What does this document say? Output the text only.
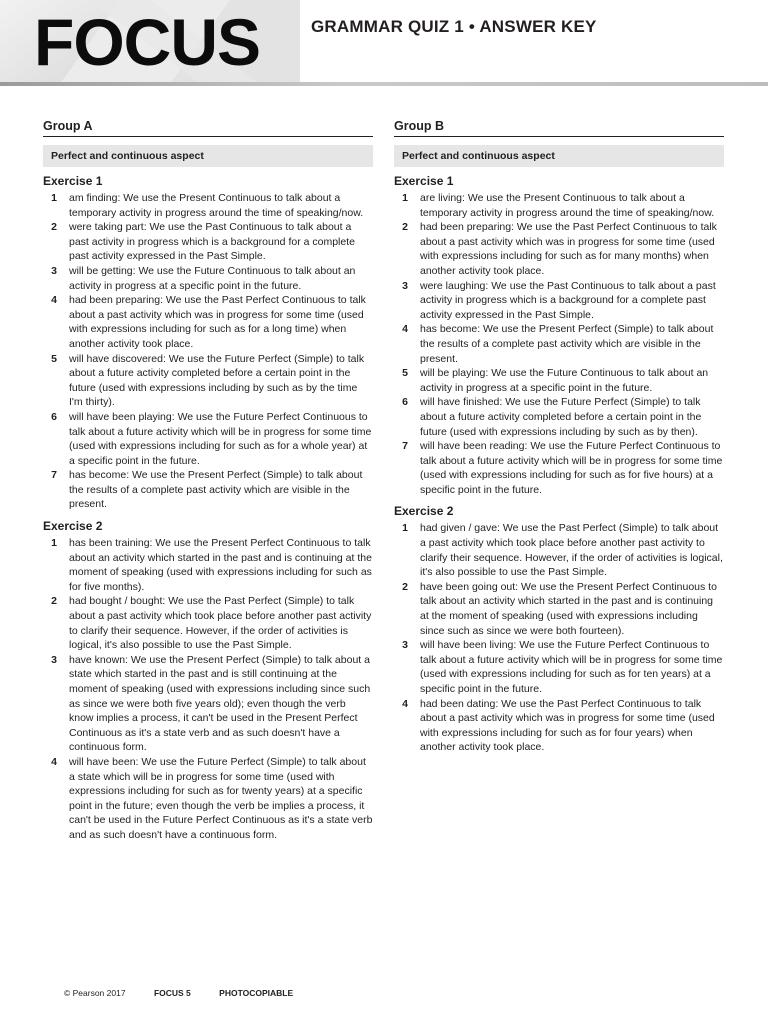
FOCUS	GRAMMAR QUIZ 1 • ANSWER KEY
Group A
Perfect and continuous aspect
Exercise 1
1	am finding: We use the Present Continuous to talk about a temporary activity in progress around the time of speaking/now.
2	were taking part: We use the Past Continuous to talk about a past activity in progress which is a background for a complete past activity expressed in the Past Simple.
3	will be getting: We use the Future Continuous to talk about an activity in progress at a specific point in the future.
4	had been preparing: We use the Past Perfect Continuous to talk about a past activity which was in progress for some time (used with expressions including for such as for a long time) when another activity took place.
5	will have discovered: We use the Future Perfect (Simple) to talk about a future activity completed before a certain point in the future (used with expressions including by such as by the time I'm thirty).
6	will have been playing: We use the Future Perfect Continuous to talk about a future activity which will be in progress for some time (used with expressions including for such as for a whole year) at a specific point in the future.
7	has become: We use the Present Perfect (Simple) to talk about the results of a complete past activity which are visible in the present.
Exercise 2
1	has been training: We use the Present Perfect Continuous to talk about an activity which started in the past and is continuing at the moment of speaking (used with expressions including for such as for five months).
2	had bought / bought: We use the Past Perfect (Simple) to talk about a past activity which took place before another past activity to clarify their sequence. However, if the order of activities is logical, it's also possible to use the Past Simple.
3	have known: We use the Present Perfect (Simple) to talk about a state which started in the past and is still continuing at the moment of speaking (used with expressions including since such as since we were both five years old); even though the verb know implies a process, it can't be used in the Present Perfect Continuous as it's a state verb and as such doesn't have a continuous form.
4	will have been: We use the Future Perfect (Simple) to talk about a state which will be in progress for some time (used with expressions including for such as for twenty years) at a specific point in the future; even though the verb be implies a process, it can't be used in the Future Perfect Continuous as it's a state verb and as such doesn't have a continuous form.
Group B
Perfect and continuous aspect
Exercise 1
1	are living: We use the Present Continuous to talk about a temporary activity in progress around the time of speaking/now.
2	had been preparing: We use the Past Perfect Continuous to talk about a past activity which was in progress for some time (used with expressions including for such as for many months) when another activity took place.
3	were laughing: We use the Past Continuous to talk about a past activity in progress which is a background for a complete past activity expressed in the Past Simple.
4	has become: We use the Present Perfect (Simple) to talk about the results of a complete past activity which are visible in the present.
5	will be playing: We use the Future Continuous to talk about an activity in progress at a specific point in the future.
6	will have finished: We use the Future Perfect (Simple) to talk about a future activity completed before a certain point in the future (used with expressions including by such as by then).
7	will have been reading: We use the Future Perfect Continuous to talk about a future activity which will be in progress for some time (used with expressions including for such as for five hours) at a specific point in the future.
Exercise 2
1	had given / gave: We use the Past Perfect (Simple) to talk about a past activity which took place before another past activity to clarify their sequence. However, if the order of activities is logical, it's also possible to use the Past Simple.
2	have been going out: We use the Present Perfect Continuous to talk about an activity which started in the past and is continuing at the moment of speaking (used with expressions including since such as since we were both fourteen).
3	will have been living: We use the Future Perfect Continuous to talk about a future activity which will be in progress for some time (used with expressions including for such as for ten years) at a specific point in the future.
4	had been dating: We use the Past Perfect Continuous to talk about a past activity which was in progress for some time (used with expressions including for such as for four years) when another activity took place.
© Pearson 2017	FOCUS 5	PHOTOCOPIABLE
